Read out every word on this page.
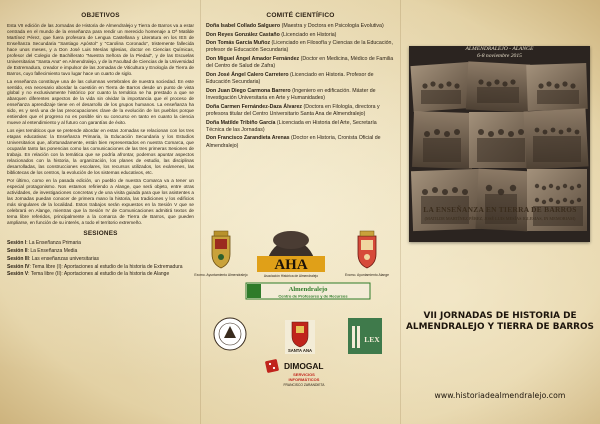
OBJETIVOS

Esta VII edición de las Jornadas de Historia de Almendralejo y Tierra de Barros va a estar centrada en el mundo de la enseñanza para rendir un merecido homenaje a Dª Matilde Martínez Pérez, que fuera profesora de Lengua Castellana y Literatura en los IES de Enseñanza Secundaria "Santiago Apóstol" y "Carolina Coronado", tristemente fallecida hace unos meses, y a Don José Luis Mesías Iglesias, doctor en Ciencias Químicas, profesor del Colegio de Bachillerato "Nuestra Señora de la Piedad", y de las Escuelas Universitarias "Santa Ana" en Almendralejo, y de la Facultad de Ciencias de la Universidad de Extremadura, creador e impulsor de las Jornadas de Viticultura y Enología de Tierra de Barros, cuyo fallecimiento tuvo lugar hace un cuarto de siglo.

La enseñanza constituye una de las columnas vertebrales de nuestra sociedad. En este sentido, era necesario abordar la cuestión en Tierra de Barros desde un punto de vista global y no exclusivamente histórico por cuanto la temática se ha prestado a que se abarquen diferentes aspectos de la vida sin olvidar la importancia que el proceso de enseñanza aprendizaje tiene en el desarrollo de los grupos humanos. La enseñanza ha sido, es y será una de las preocupaciones clave de la evolución de los pueblos porque entienden que el progreso no es posible sin su concurso en tanto en cuanto la ciencia mueve al entendimiento y al futuro con garantías de éxito.

Los ejes temáticos que se pretende abordar en estas Jornadas se relacionan con los tres etapas educativas: la Enseñanza Primaria, la Educación Secundaria y los Estudios Universitarios que, afortunadamente, están bien representados en nuestra Comarca, que ocuparán tanto las ponencias como las comunicaciones de las tres primeras Sesiones de trabajo. En relación con la temática que se podría afrontar, podemos apuntar aspectos relacionados con la historia, la organización, los planes de estudio, las disciplinas desarrolladas, las construcciones escolares, los recursos utilizados, los exámenes, las bibliotecas de los centros, la evolución de los sistemas educativos, etc.

Por último, como en la pasada edición, un pueblo de nuestra Comarca va a tener un especial protagonismo. Nos estamos refiriendo a Alange, que será objeto, entre otras actividades, de investigaciones concretas y de una visita guiada para que los asistentes a las Jornadas puedan conocer de primera mano la historia, las tradiciones y los edificios más singulares de la localidad. Estos trabajos serán expuestos en la Sesión V que se celebrará en Alange, mientras que la Sesión IV de Comunicaciones admitirá textos de tema libre referidos, principalmente a la comarca de Tierra de Barros, que pueden ampliarse, en función de su interés, a todo el territorio extremeño.

SESIONES
Sesión I: La Enseñanza Primaria
Sesión II: La Enseñanza Media
Sesión III: Las enseñanzas universitarias
Sesión IV: Tema libre (I): Aportaciones al estudio de la historia de Extremadura
Sesión V: Tema libre (II): Aportaciones al estudio de la historia de Alange
COMITÉ CIENTÍFICO

Doña Isabel Collado Salguero (Maestra y Doctora en Psicología Evolutiva)

Don Reyes González Castaño (Licenciado en Historia)

Don Tomás García Muñoz (Licenciado en Filosofía y Ciencias de la Educación, profesor de Educación Secundaria)

Don Miguel Ángel Amador Fernández (Doctor en Medicina, Médico de Familia del Centro de Salud de Zafra)

Don José Ángel Calero Carretero (Licenciado en Historia. Profesor de Educación Secundaria)

Don Juan Diego Carmona Barrero (Ingeniero en edificación. Máster de Investigación Universitaria en Arte y Humanidades)

Doña Carmen Fernández-Daza Álvarez (Doctora en Filología, directora y profesora titular del Centro Universitario Santa Ana de Almendralejo)

Doña Matilde Tribiño García (Licenciada en Historia del Arte, Secretaría Técnica de las Jornadas)

Don Francisco Zarandieta Arenas (Doctor en Historia, Cronista Oficial de Almendralejo)

Excmo. Ayuntamiento Almendralejo
AHA
Asociación Histórica de Almendralejo	Excmo. Ayuntamiento Alange
Almendralejo
Centro de Profesores y de Recursos
SANTA ANA
LEX
DIMOGAL
SERVICIOS
INFORMÁTICOS
FRANCISCO ZARANDIETA
ALMENDRALEJO - ALANGE
6-8 noviembre 2015
LA ENSEÑANZA EN TIERRA DE BARROS
(MATILDE MARTÍNEZ PÉREZ, JOSÉ LUIS MESÍAS IGLESIAS, IN MEMORIAM)
VII JORNADAS DE HISTORIA DE
ALMENDRALEJO Y TIERRA DE BARROS
www.historiadealmendralejo.com
